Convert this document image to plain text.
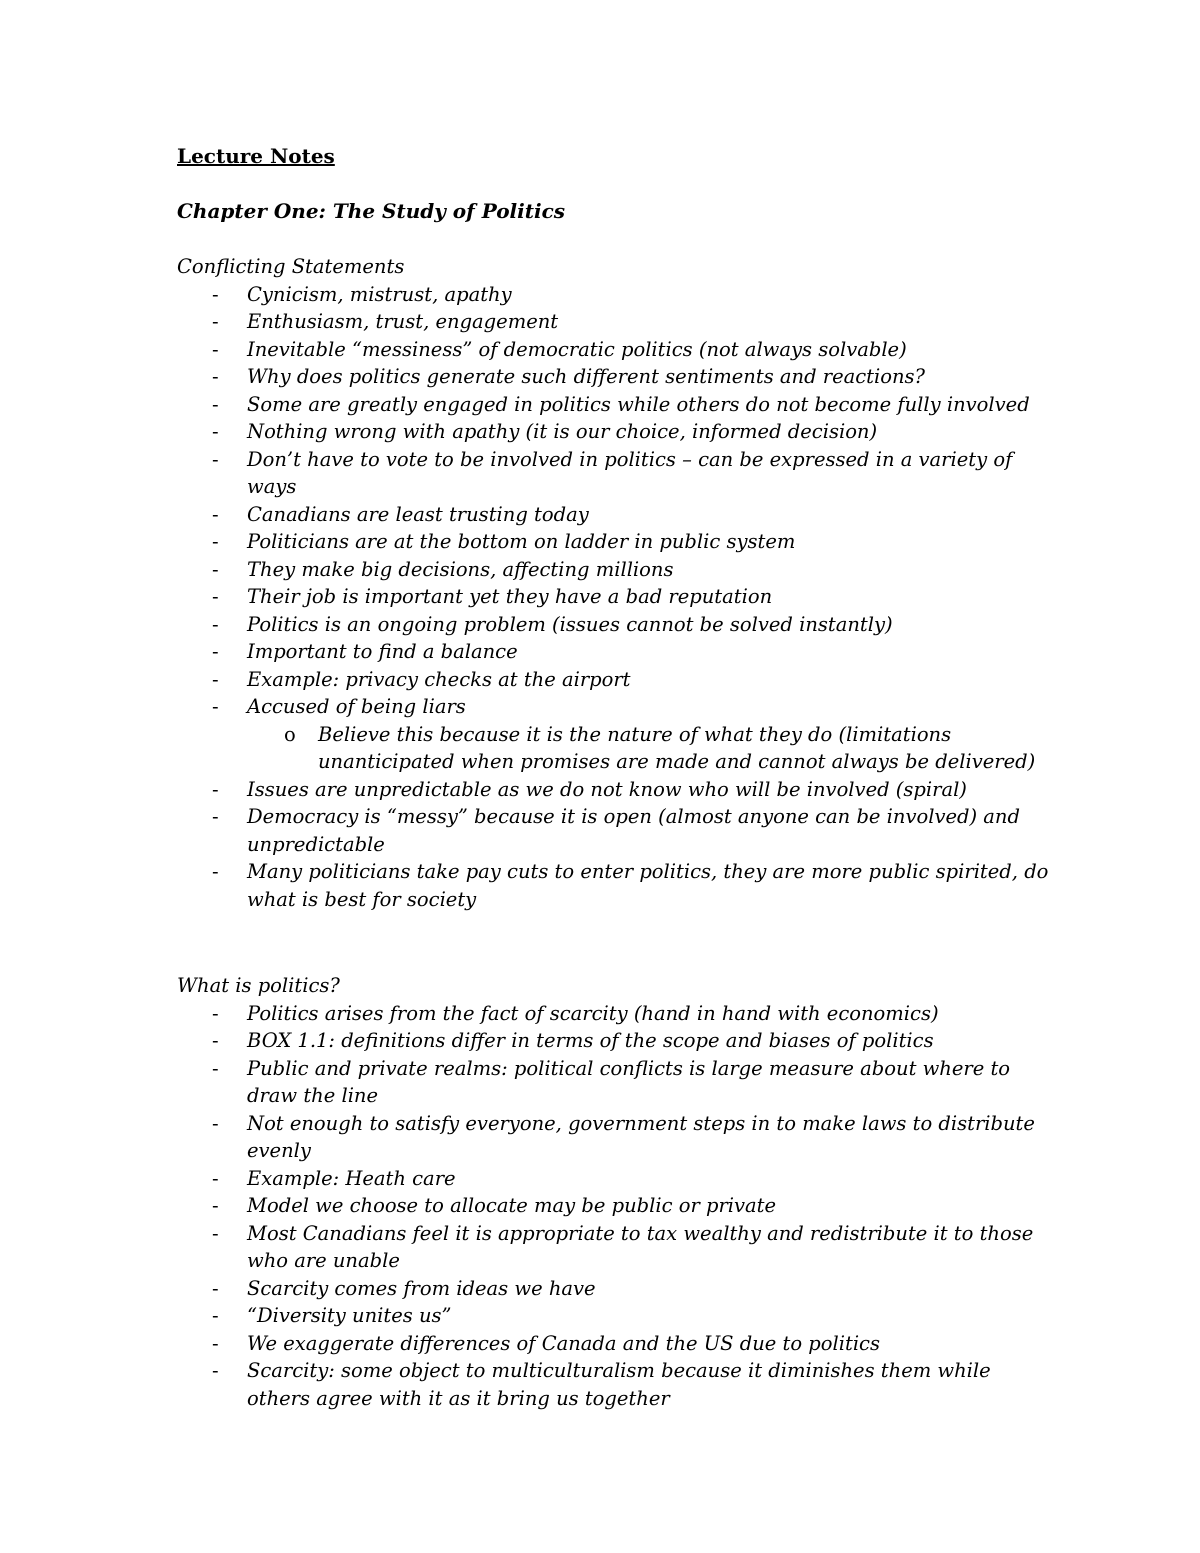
Lecture Notes
Chapter One: The Study of Politics

Conflicting Statements

- Cynicism, mistrust, apathy
- Enthusiasm, trust, engagement
- Inevitable “messiness” of democratic politics (not always solvable)
- Why does politics generate such different sentiments and reactions?
- Some are greatly engaged in politics while others do not become fully involved
- Nothing wrong with apathy (it is our choice, informed decision)
- Don’t have to vote to be involved in politics – can be expressed in a variety of ways
- Canadians are least trusting today
- Politicians are at the bottom on ladder in public system
- They make big decisions, affecting millions
- Their job is important yet they have a bad reputation
- Politics is an ongoing problem (issues cannot be solved instantly)
- Important to find a balance
- Example: privacy checks at the airport
- Accused of being liars
o Believe this because it is the nature of what they do (limitations unanticipated when promises are made and cannot always be delivered)
- Issues are unpredictable as we do not know who will be involved (spiral)
- Democracy is “messy” because it is open (almost anyone can be involved) and unpredictable
- Many politicians take pay cuts to enter politics, they are more public spirited, do what is best for society

What is politics?

- Politics arises from the fact of scarcity (hand in hand with economics)
- BOX 1.1: definitions differ in terms of the scope and biases of politics
- Public and private realms: political conflicts is large measure about where to draw the line
- Not enough to satisfy everyone, government steps in to make laws to distribute evenly
- Example: Heath care
- Model we choose to allocate may be public or private
- Most Canadians feel it is appropriate to tax wealthy and redistribute it to those who are unable
- Scarcity comes from ideas we have
- “Diversity unites us”
- We exaggerate differences of Canada and the US due to politics
- Scarcity: some object to multiculturalism because it diminishes them while others agree with it as it bring us together
